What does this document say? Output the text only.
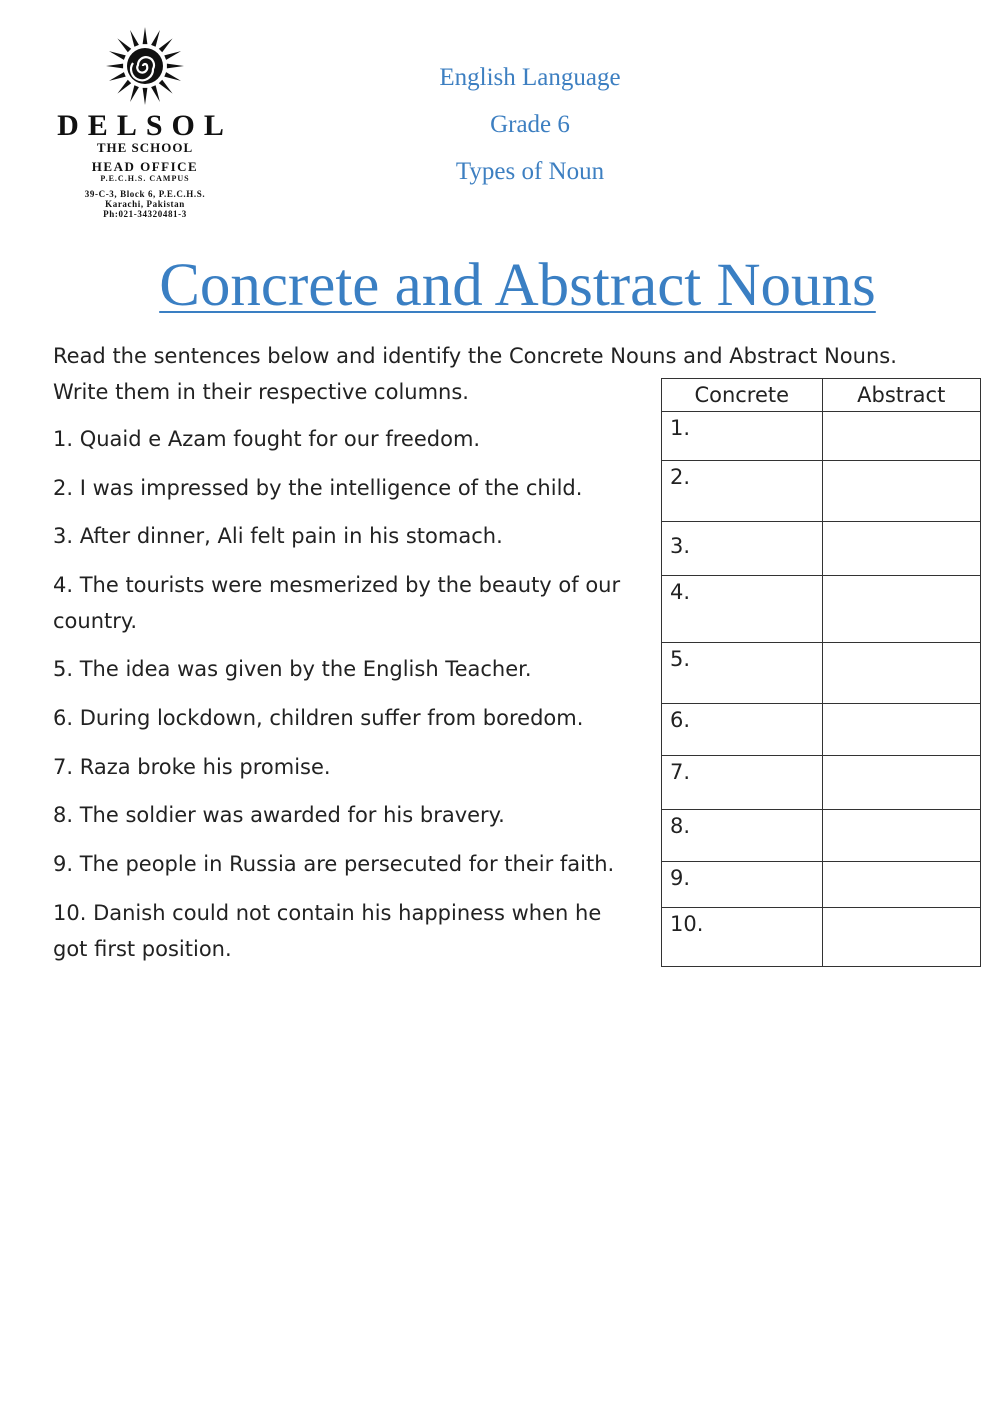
DELSOL
THE SCHOOL
HEAD OFFICE
P.E.C.H.S. CAMPUS
39-C-3, Block 6, P.E.C.H.S.
Karachi, Pakistan
Ph:021-34320481-3
English Language
Grade 6
Types of Noun
Concrete and Abstract Nouns
Read the sentences below and identify the Concrete Nouns and Abstract Nouns.
Write them in their respective columns.
1. Quaid e Azam fought for our freedom.
2. I was impressed by the intelligence of the child.
3. After dinner, Ali felt pain in his stomach.
4. The tourists were mesmerized by the beauty of our country.
5. The idea was given by the English Teacher.
6. During lockdown, children suffer from boredom.
7. Raza broke his promise.
8. The soldier was awarded for his bravery.
9. The people in Russia are persecuted for their faith.
10. Danish could not contain his happiness when he got first position.
Concrete	Abstract
1.	
2.	
3.	
4.	
5.	
6.	
7.	
8.	
9.	
10.	
